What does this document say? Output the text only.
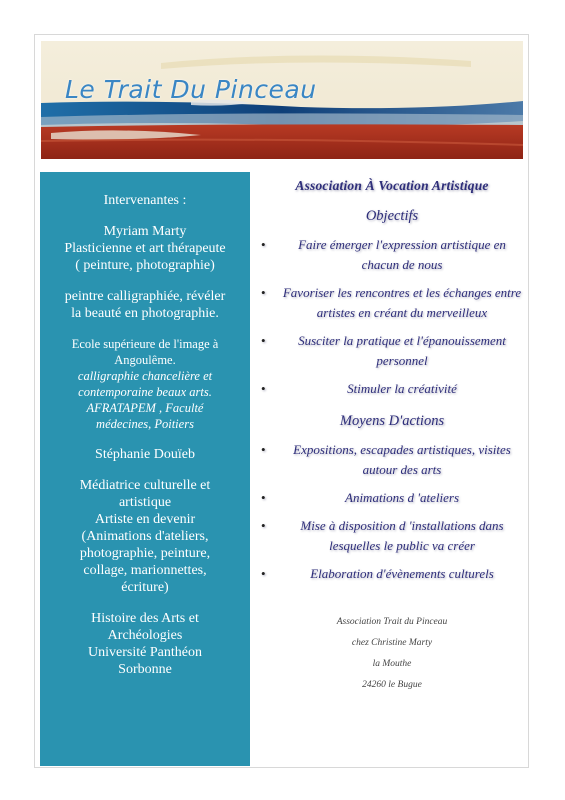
Le Trait Du Pinceau

Intervenantes :

Myriam Marty

Plasticienne et art thérapeute

( peinture, photographie)

peintre calligraphiée, révéler

la beauté en photographie.

Ecole supérieure de l'image à

Angoulême.

calligraphie chancelière et

contemporaine beaux arts.

AFRATAPEM , Faculté

médecines, Poitiers

Stéphanie Douïeb

Médiatrice culturelle et

artistique

Artiste en devenir

(Animations d'ateliers,

photographie, peinture,

collage, marionnettes,

écriture)

Histoire des Arts et

Archéologies

Université Panthéon

Sorbonne

Association À Vocation Artistique
Objectifs
•	Faire émerger l'expression artistique en chacun de nous
• Favoriser les rencontres et les échanges entre artistes en créant du merveilleux
•	Susciter la pratique et l'épanouissement personnel
•	Stimuler la créativité
Moyens D'actions
• Expositions, escapades artistiques, visites autour des arts
•	Animations d 'ateliers
•	Mise à disposition d 'installations dans lesquelles le public va créer
•	Elaboration d'évènements culturels
Association Trait du Pinceau
chez Christine Marty
la Mouthe
24260 le Bugue
